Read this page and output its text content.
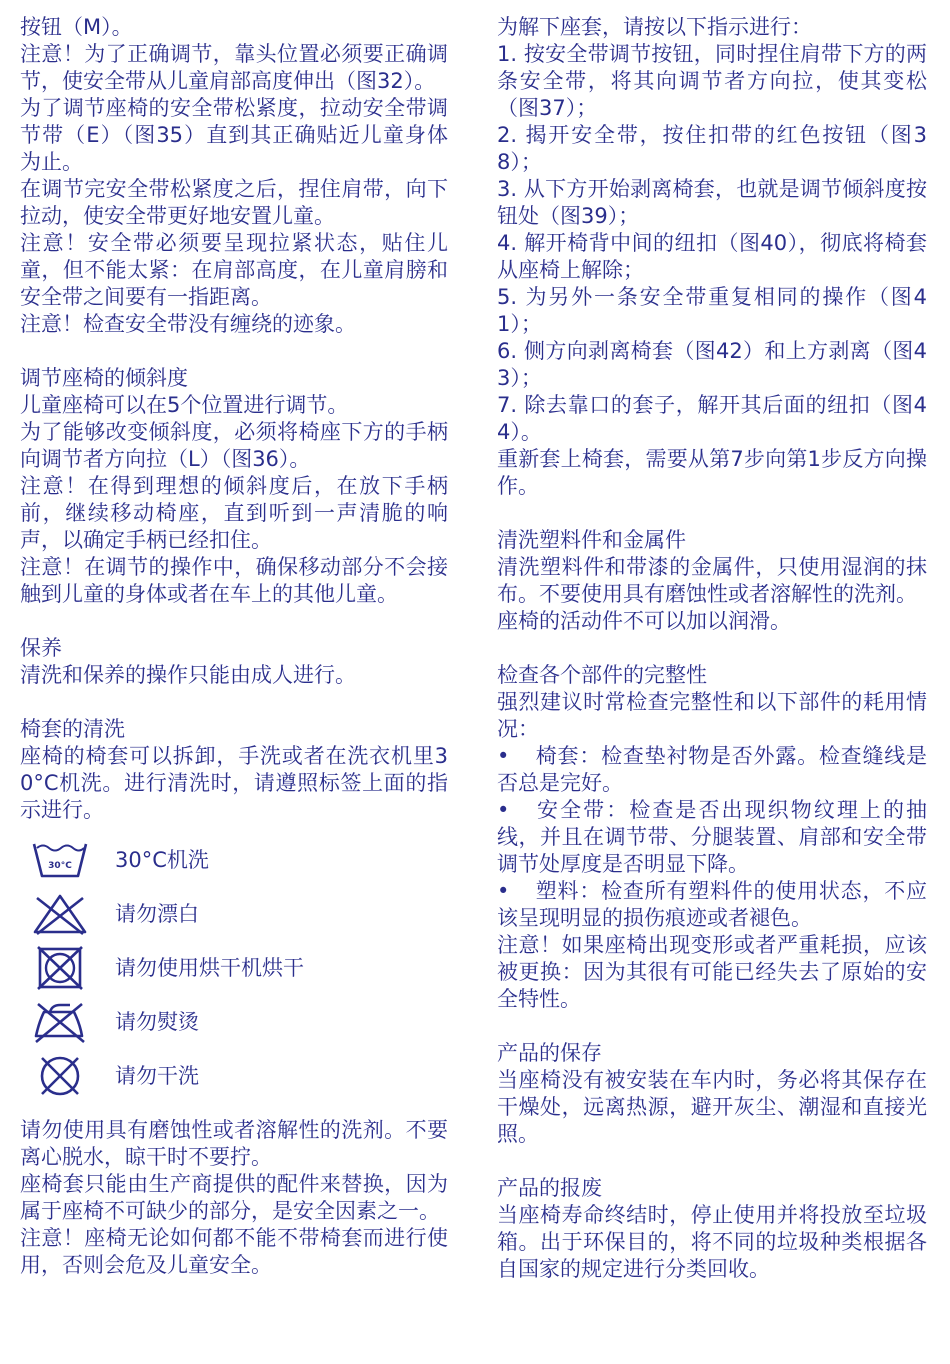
按钮（M）。

注意！为了正确调节，靠头位置必须要正确调节，使安全带从儿童肩部高度伸出（图32）。

为了调节座椅的安全带松紧度，拉动安全带调节带（E）（图35）直到其正确贴近儿童身体为止。

在调节完安全带松紧度之后，捏住肩带，向下拉动，使安全带更好地安置儿童。

注意！安全带必须要呈现拉紧状态，贴住儿童，但不能太紧：在肩部高度，在儿童肩膀和安全带之间要有一指距离。

注意！检查安全带没有缠绕的迹象。

调节座椅的倾斜度

儿童座椅可以在5个位置进行调节。

为了能够改变倾斜度，必须将椅座下方的手柄向调节者方向拉（L）（图36）。

注意！在得到理想的倾斜度后，在放下手柄前，继续移动椅座，直到听到一声清脆的响声，以确定手柄已经扣住。

注意！在调节的操作中，确保移动部分不会接触到儿童的身体或者在车上的其他儿童。

保养

清洗和保养的操作只能由成人进行。

椅套的清洗

座椅的椅套可以拆卸，手洗或者在洗衣机里30°C机洗。进行清洗时，请遵照标签上面的指示进行。

30°C 30°C机洗
请勿漂白
请勿使用烘干机烘干
请勿熨烫
请勿干洗

请勿使用具有磨蚀性或者溶解性的洗剂。不要离心脱水，晾干时不要拧。

座椅套只能由生产商提供的配件来替换，因为属于座椅不可缺少的部分，是安全因素之一。

注意！座椅无论如何都不能不带椅套而进行使用，否则会危及儿童安全。

为解下座套，请按以下指示进行：

1. 按安全带调节按钮，同时捏住肩带下方的两条安全带，将其向调节者方向拉，使其变松（图37）；

2. 揭开安全带，按住扣带的红色按钮（图38）；

3. 从下方开始剥离椅套，也就是调节倾斜度按钮处（图39）；

4. 解开椅背中间的纽扣（图40），彻底将椅套从座椅上解除；

5. 为另外一条安全带重复相同的操作（图41）；

6. 侧方向剥离椅套（图42）和上方剥离（图43）；

7. 除去靠口的套子，解开其后面的纽扣（图44）。

重新套上椅套，需要从第7步向第1步反方向操作。

清洗塑料件和金属件

清洗塑料件和带漆的金属件，只使用湿润的抹布。不要使用具有磨蚀性或者溶解性的洗剂。

座椅的活动件不可以加以润滑。

检查各个部件的完整性

强烈建议时常检查完整性和以下部件的耗用情况：

• 椅套：检查垫衬物是否外露。检查缝线是否总是完好。

• 安全带：检查是否出现织物纹理上的抽线，并且在调节带、分腿装置、肩部和安全带调节处厚度是否明显下降。

• 塑料：检查所有塑料件的使用状态，不应该呈现明显的损伤痕迹或者褪色。

注意！如果座椅出现变形或者严重耗损，应该被更换：因为其很有可能已经失去了原始的安全特性。

产品的保存

当座椅没有被安装在车内时，务必将其保存在干燥处，远离热源，避开灰尘、潮湿和直接光照。

产品的报废

当座椅寿命终结时，停止使用并将投放至垃圾箱。出于环保目的，将不同的垃圾种类根据各自国家的规定进行分类回收。
